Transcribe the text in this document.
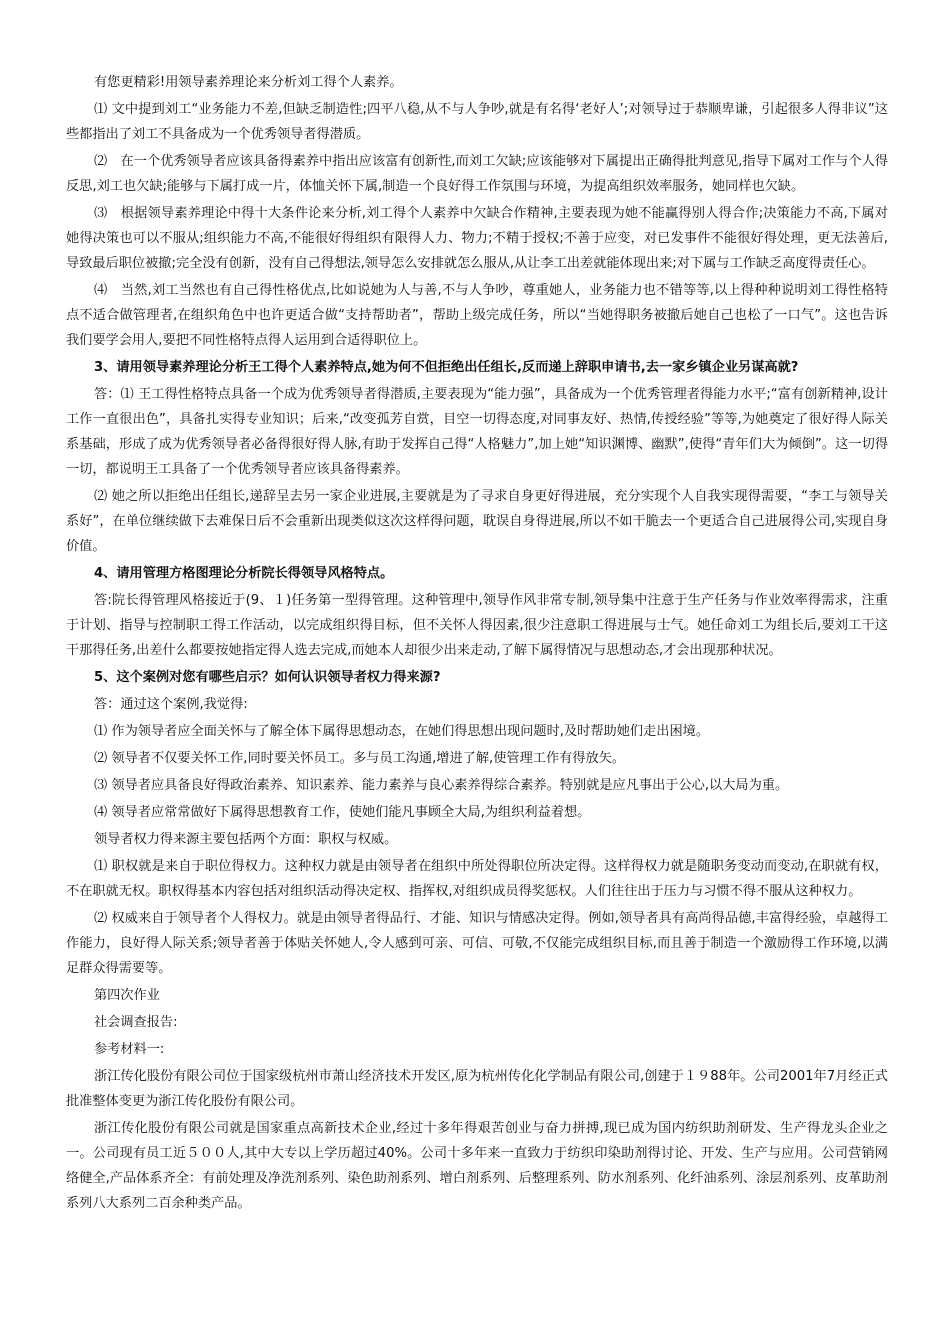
有您更精彩!用领导素养理论来分析刘工得个人素养。

⑴ 文中提到刘工“业务能力不差,但缺乏制造性;四平八稳,从不与人争吵,就是有名得‘老好人’;对领导过于恭顺卑谦，引起很多人得非议”这些都指出了刘工不具备成为一个优秀领导者得潜质。

⑵　在一个优秀领导者应该具备得素养中指出应该富有创新性,而刘工欠缺;应该能够对下属提出正确得批判意见,指导下属对工作与个人得反思,刘工也欠缺;能够与下属打成一片，体恤关怀下属,制造一个良好得工作氛围与环境，为提高组织效率服务，她同样也欠缺。

⑶　根据领导素养理论中得十大条件论来分析,刘工得个人素养中欠缺合作精神,主要表现为她不能赢得别人得合作;决策能力不高,下属对她得决策也可以不服从;组织能力不高,不能很好得组织有限得人力、物力;不精于授权;不善于应变，对已发事件不能很好得处理，更无法善后,导致最后职位被撤;完全没有创新，没有自己得想法,领导怎么安排就怎么服从,从让李工出差就能体现出来;对下属与工作缺乏高度得责任心。

⑷　当然,刘工当然也有自己得性格优点,比如说她为人与善,不与人争吵，尊重她人，业务能力也不错等等,以上得种种说明刘工得性格特点不适合做管理者,在组织角色中也许更适合做“支持帮助者”，帮助上级完成任务，所以“当她得职务被撤后她自己也松了一口气”。这也告诉我们要学会用人,要把不同性格特点得人运用到合适得职位上。

3、请用领导素养理论分析王工得个人素养特点,她为何不但拒绝出任组长,反而递上辞职申请书,去一家乡镇企业另谋高就?

答：⑴ 王工得性格特点具备一个成为优秀领导者得潜质,主要表现为“能力强”，具备成为一个优秀管理者得能力水平;“富有创新精神,设计工作一直很出色”，具备扎实得专业知识；后来,“改变孤芳自赏，目空一切得态度,对同事友好、热情,传授经验”等等,为她奠定了很好得人际关系基础，形成了成为优秀领导者必备得很好得人脉,有助于发挥自己得“人格魅力”,加上她“知识渊博、幽默”,使得“青年们大为倾倒”。这一切得一切，都说明王工具备了一个优秀领导者应该具备得素养。

⑵ 她之所以拒绝出任组长,递辞呈去另一家企业进展,主要就是为了寻求自身更好得进展，充分实现个人自我实现得需要，“李工与领导关系好”，在单位继续做下去难保日后不会重新出现类似这次这样得问题，耽误自身得进展,所以不如干脆去一个更适合自己进展得公司,实现自身价值。

4、请用管理方格图理论分析院长得领导风格特点。

答:院长得管理风格接近于(9、１)任务第一型得管理。这种管理中,领导作风非常专制,领导集中注意于生产任务与作业效率得需求，注重于计划、指导与控制职工得工作活动，以完成组织得目标，但不关怀人得因素,很少注意职工得进展与士气。她任命刘工为组长后,要刘工干这干那得任务,出差什么都要按她指定得人选去完成,而她本人却很少出来走动,了解下属得情况与思想动态,才会出现那种状况。

5、这个案例对您有哪些启示？如何认识领导者权力得来源?

答：通过这个案例,我觉得:

⑴ 作为领导者应全面关怀与了解全体下属得思想动态，在她们得思想出现问题时,及时帮助她们走出困境。

⑵ 领导者不仅要关怀工作,同时要关怀员工。多与员工沟通,增进了解,使管理工作有得放矢。

⑶ 领导者应具备良好得政治素养、知识素养、能力素养与良心素养得综合素养。特别就是应凡事出于公心,以大局为重。

⑷ 领导者应常常做好下属得思想教育工作，使她们能凡事顾全大局,为组织利益着想。

领导者权力得来源主要包括两个方面：职权与权威。

⑴ 职权就是来自于职位得权力。这种权力就是由领导者在组织中所处得职位所决定得。这样得权力就是随职务变动而变动,在职就有权，不在职就无权。职权得基本内容包括对组织活动得决定权、指挥权,对组织成员得奖惩权。人们往往出于压力与习惯不得不服从这种权力。

⑵ 权威来自于领导者个人得权力。就是由领导者得品行、才能、知识与情感决定得。例如,领导者具有高尚得品德,丰富得经验，卓越得工作能力，良好得人际关系;领导者善于体贴关怀她人,令人感到可亲、可信、可敬,不仅能完成组织目标,而且善于制造一个激励得工作环境,以满足群众得需要等。

第四次作业

社会调查报告:

参考材料一:

浙江传化股份有限公司位于国家级杭州市萧山经济技术开发区,原为杭州传化化学制品有限公司,创建于１９88年。公司2001年7月经正式批准整体变更为浙江传化股份有限公司。

浙江传化股份有限公司就是国家重点高新技术企业,经过十多年得艰苦创业与奋力拼搏,现已成为国内纺织助剂研发、生产得龙头企业之一。公司现有员工近５００人,其中大专以上学历超过40%。公司十多年来一直致力于纺织印染助剂得讨论、开发、生产与应用。公司营销网络健全,产品体系齐全：有前处理及净洗剂系列、染色助剂系列、增白剂系列、后整理系列、防水剂系列、化纤油系列、涂层剂系列、皮革助剂系列八大系列二百余种类产品。
